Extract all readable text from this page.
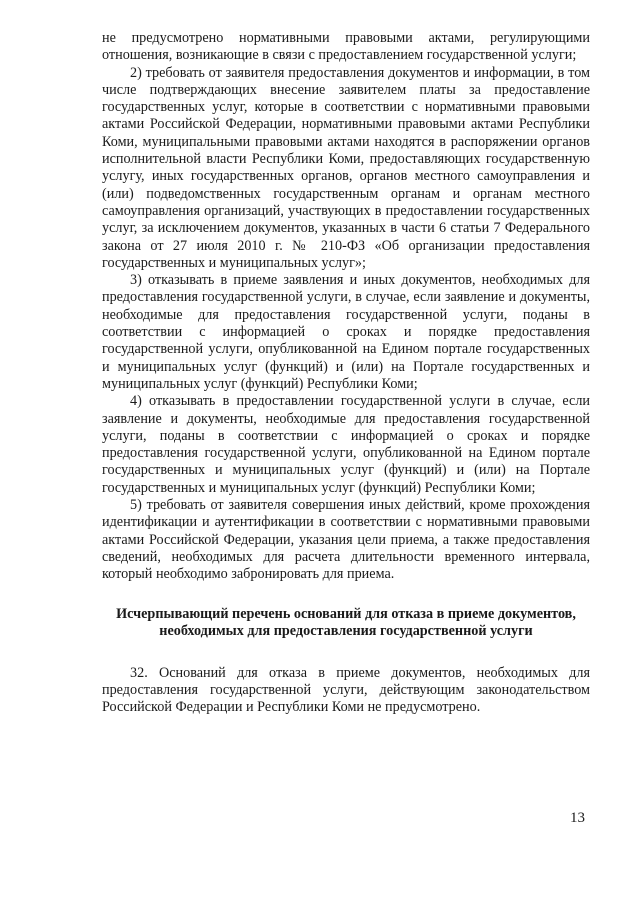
не предусмотрено нормативными правовыми актами, регулирующими отношения, возникающие в связи с предоставлением государственной услуги;

2) требовать от заявителя предоставления документов и информации, в том числе подтверждающих внесение заявителем платы за предоставление государственных услуг, которые в соответствии с нормативными правовыми актами Российской Федерации, нормативными правовыми актами Республики Коми, муниципальными правовыми актами находятся в распоряжении органов исполнительной власти Республики Коми, предоставляющих государственную услугу, иных государственных органов, органов местного самоуправления и (или) подведомственных государственным органам и органам местного самоуправления организаций, участвующих в предоставлении государственных услуг, за исключением документов, указанных в части 6 статьи 7 Федерального закона от 27 июля 2010 г. № 210-ФЗ «Об организации предоставления государственных и муниципальных услуг»;

3) отказывать в приеме заявления и иных документов, необходимых для предоставления государственной услуги, в случае, если заявление и документы, необходимые для предоставления государственной услуги, поданы в соответствии с информацией о сроках и порядке предоставления государственной услуги, опубликованной на Едином портале государственных и муниципальных услуг (функций) и (или) на Портале государственных и муниципальных услуг (функций) Республики Коми;

4) отказывать в предоставлении государственной услуги в случае, если заявление и документы, необходимые для предоставления государственной услуги, поданы в соответствии с информацией о сроках и порядке предоставления государственной услуги, опубликованной на Едином портале государственных и муниципальных услуг (функций) и (или) на Портале государственных и муниципальных услуг (функций) Республики Коми;

5) требовать от заявителя совершения иных действий, кроме прохождения идентификации и аутентификации в соответствии с нормативными правовыми актами Российской Федерации, указания цели приема, а также предоставления сведений, необходимых для расчета длительности временного интервала, который необходимо забронировать для приема.

Исчерпывающий перечень оснований для отказа в приеме документов, необходимых для предоставления государственной услуги

32. Оснований для отказа в приеме документов, необходимых для предоставления государственной услуги, действующим законодательством Российской Федерации и Республики Коми не предусмотрено.

13
